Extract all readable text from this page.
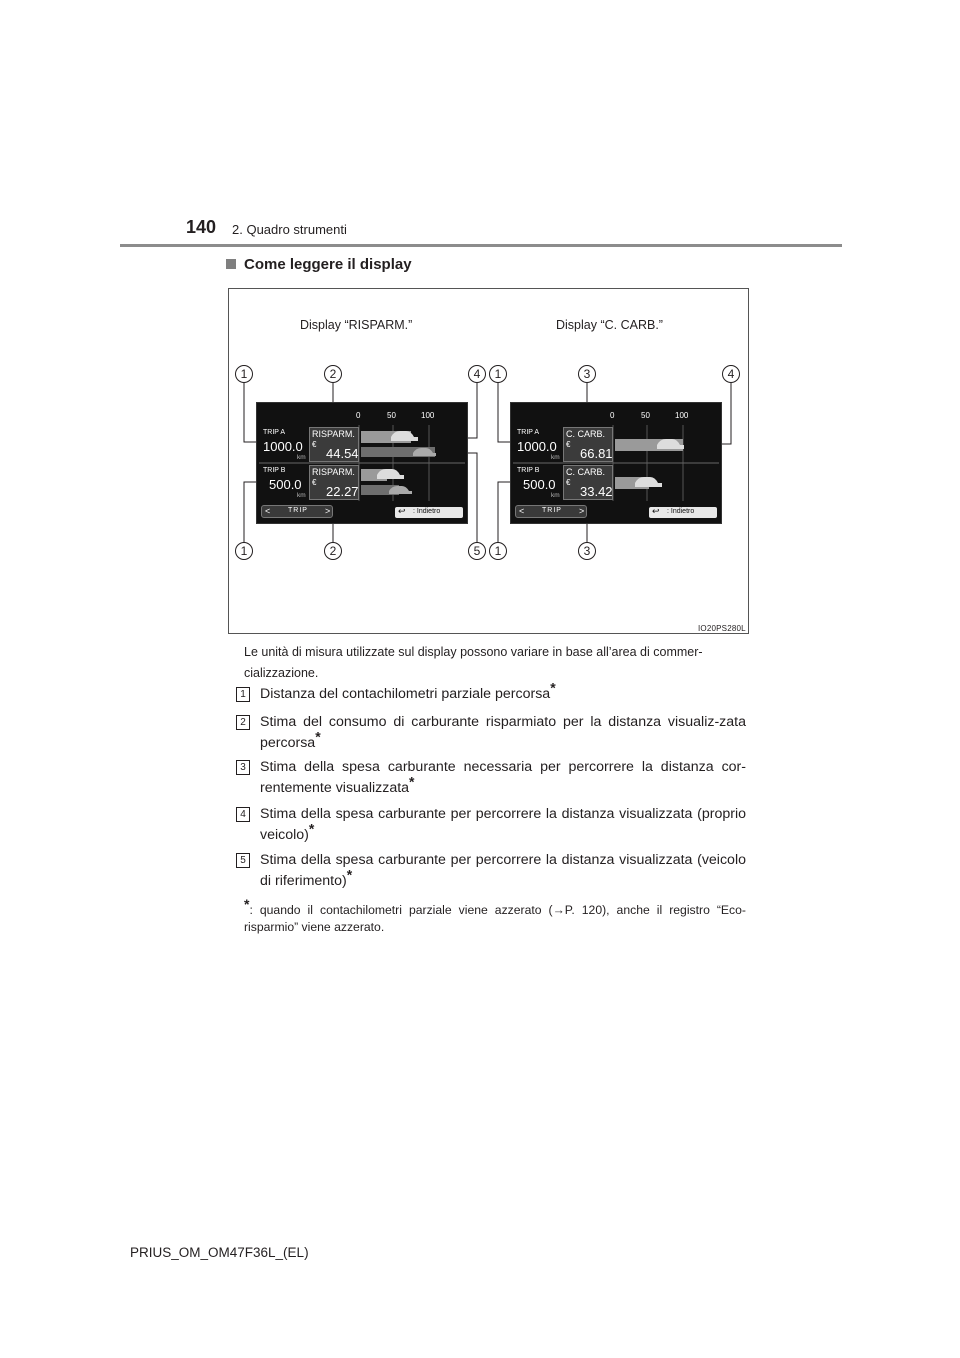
140 2. Quadro strumenti
Come leggere il display
Display “RISPARM.”	Display “C. CARB.”
0	50	100
TRIP A
1000.0
km
TRIP B
500.0
km
RISPARM.
€
44.54
RISPARM.
€
22.27
<	TRIP >	↩ : Indietro
0	50	100
TRIP A
1000.0
km
TRIP B
500.0
km
C. CARB.
€
66.81
C. CARB.
€
33.42
<	TRIP >	↩ : Indietro
1	2	4	1	3	4
1	2	5	1	3
IO20PS280L
Le unità di misura utilizzate sul display possono variare in base all’area di commer-cializzazione.
1 Distanza del contachilometri parziale percorsa*
2 Stima del consumo di carburante risparmiato per la distanza visualiz-zata percorsa*
3 Stima della spesa carburante necessaria per percorrere la distanza cor-rentemente visualizzata*
4 Stima della spesa carburante per percorrere la distanza visualizzata (proprio veicolo)*
5 Stima della spesa carburante per percorrere la distanza visualizzata (veicolo di riferimento)*
*: quando il contachilometri parziale viene azzerato (→P. 120), anche il registro “Eco-risparmio” viene azzerato.
PRIUS_OM_OM47F36L_(EL)
